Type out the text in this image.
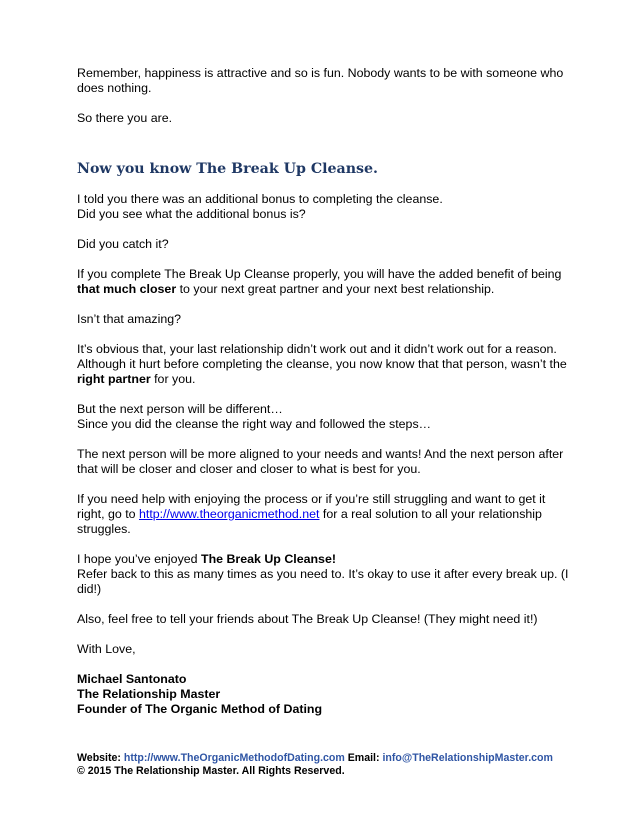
Remember, happiness is attractive and so is fun. Nobody wants to be with someone who does nothing.

So there you are.

Now you know The Break Up Cleanse.

I told you there was an additional bonus to completing the cleanse.
Did you see what the additional bonus is?

Did you catch it?

If you complete The Break Up Cleanse properly, you will have the added benefit of being that much closer to your next great partner and your next best relationship.

Isn’t that amazing?

It’s obvious that, your last relationship didn’t work out and it didn’t work out for a reason. Although it hurt before completing the cleanse, you now know that that person, wasn’t the right partner for you.

But the next person will be different…
Since you did the cleanse the right way and followed the steps…

The next person will be more aligned to your needs and wants! And the next person after that will be closer and closer and closer to what is best for you.

If you need help with enjoying the process or if you’re still struggling and want to get it right, go to http://www.theorganicmethod.net for a real solution to all your relationship struggles.

I hope you’ve enjoyed The Break Up Cleanse!
Refer back to this as many times as you need to. It’s okay to use it after every break up. (I did!)

Also, feel free to tell your friends about The Break Up Cleanse! (They might need it!)

With Love,

Michael Santonato

The Relationship Master

Founder of The Organic Method of Dating

Website: http://www.TheOrganicMethodofDating.com Email: info@TheRelationshipMaster.com
© 2015 The Relationship Master. All Rights Reserved.
